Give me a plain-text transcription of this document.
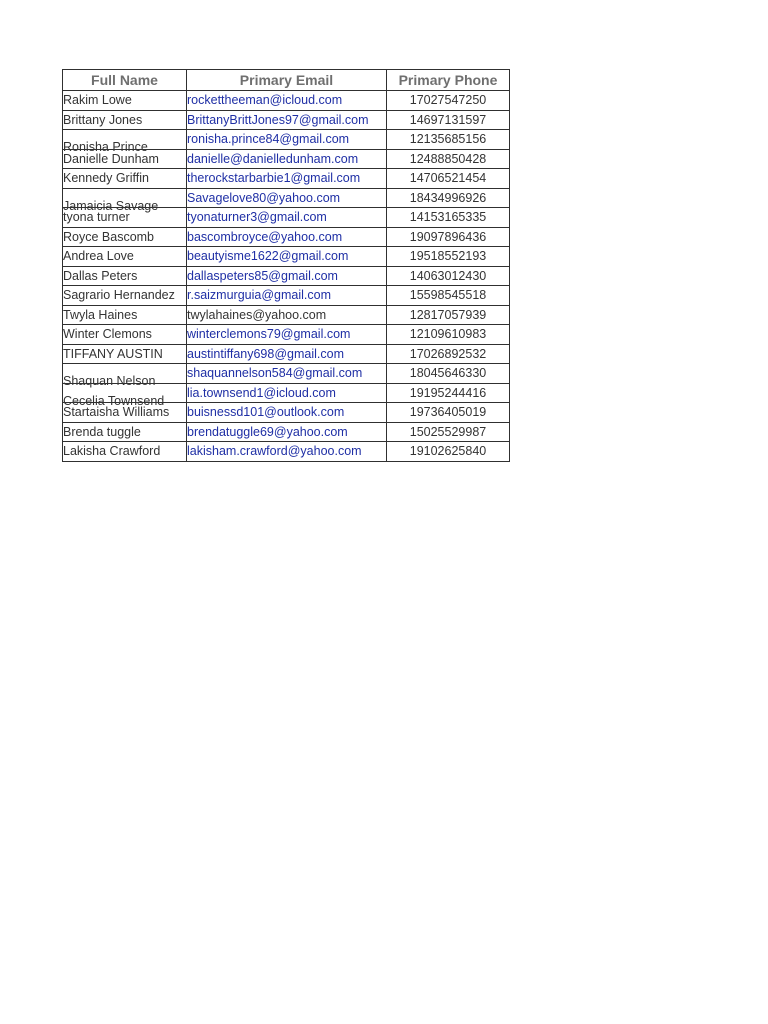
Full Name	Primary Email	Primary Phone
Rakim Lowe	rockettheeman@icloud.com	17027547250
Brittany Jones	BrittanyBrittJones97@gmail.com	14697131597

Ronisha Prince	ronisha.prince84@gmail.com	12135685156
Danielle Dunham	danielle@danielledunham.com	12488850428
Kennedy Griffin	therockstarbarbie1@gmail.com	14706521454

Jamaicia Savage	Savagelove80@yahoo.com	18434996926
tyona turner	tyonaturner3@gmail.com	14153165335
Royce Bascomb	bascombroyce@yahoo.com	19097896436
Andrea Love	beautyisme1622@gmail.com	19518552193
Dallas Peters	dallaspeters85@gmail.com	14063012430
Sagrario Hernandez	r.saizmurguia@gmail.com	15598545518
Twyla Haines	twylahaines@yahoo.com	12817057939
Winter Clemons	winterclemons79@gmail.com	12109610983
TIFFANY AUSTIN	austintiffany698@gmail.com	17026892532

Shaquan Nelson	shaquannelson584@gmail.com	18045646330

Cecelia Townsend	lia.townsend1@icloud.com	19195244416
Startaisha Williams	buisnessd101@outlook.com	19736405019
Brenda tuggle	brendatuggle69@yahoo.com	15025529987
Lakisha Crawford	lakisham.crawford@yahoo.com	19102625840
